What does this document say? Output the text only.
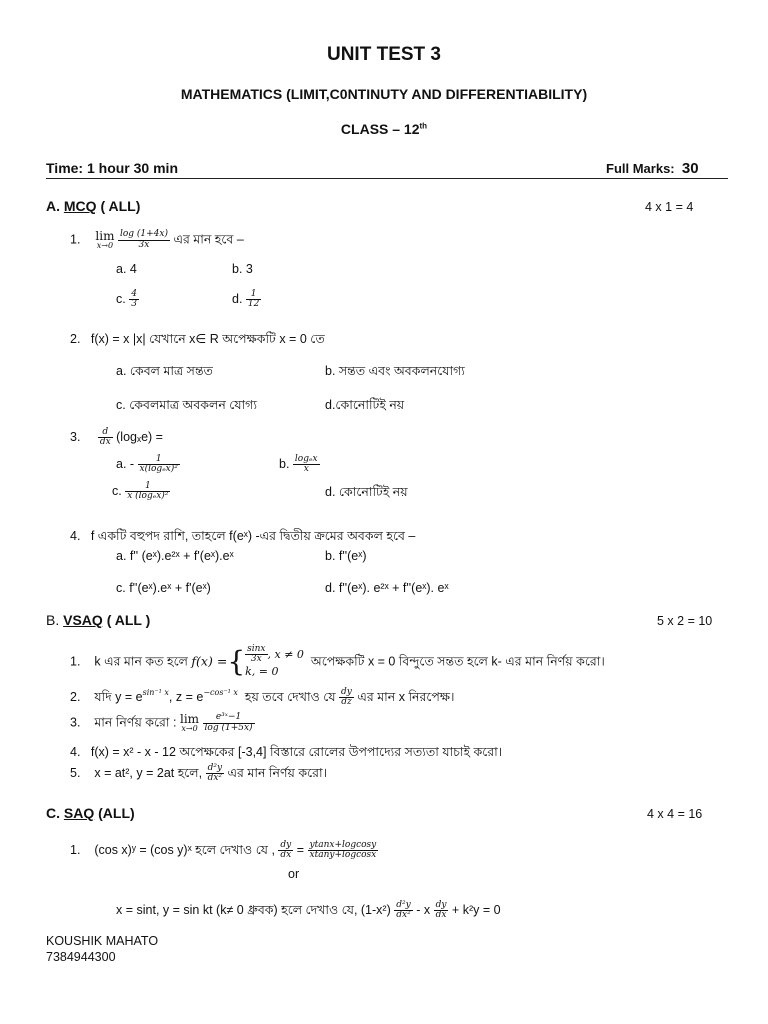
UNIT TEST 3
MATHEMATICS (LIMIT,C0NTINUTY AND DIFFERENTIABILITY)
CLASS – 12th
Time: 1 hour 30 min	Full Marks:  30
A. MCQ ( ALL)	4 x 1 = 4
1. lim
x→0
$\frac{\log (1+4x)}{3x}$ এর মান হবে –
a. 4	b. 3
c. $\frac{4}{3}$	d. $\frac{1}{12}$
2. f(x) = x |x| যেখানে x∈ R অপেক্ষকটি x = 0 তে
a. কেবল মাত্র সন্তত	b. সন্তত এবং অবকলনযোগ্য
c. কেবলমাত্র অবকলন যোগ্য	d.কোনোটিই নয়
3. $\frac{d}{dx} (\log_xe)$ =
a. - $\frac{1}{\text{x(logₑx)²}}$	b. $\frac{\text{logₑx}}{x}$
c. $\frac{1}{\text{x (logₑx)²}}$	d. কোনোটিই নয়
4. f একটি বহুপদ রাশি, তাহলে f(eˣ) -এর দ্বিতীয় ক্রমের অবকল হবে –
a. f'' (eˣ).e²ˣ + f'(eˣ).eˣ	b. f''(eˣ)
c. f''(eˣ).eˣ + f'(eˣ)	d. f''(eˣ). e²ˣ + f''(eˣ). eˣ
B. VSAQ ( ALL )	5 x 2 = 10
1. k এর মান কত হলে f(x) ={ $\frac{\sin x}{3x}$ , x ≠ 0
k, = 0
অপেক্ষকটি x = 0 বিন্দুতে সন্তত হলে k- এর মান নির্ণয় করো।
2. যদি $y = e^{sin^{-1} x}$, $z = e^{-cos^{-1} x}$ হয় তবে দেখাও যে $\frac{dy}{dz}$ এর মান x নিরপেক্ষ।
3. মান নির্ণয় করো : lim
x→0
$\frac{\text{e³ˣ−1}}{\log (1+5x)}$
4. f(x) = x² - x - 12 অপেক্ষকের [-3,4] বিস্তারে রোলের উপপাদ্যের সত্যতা যাচাই করো।
5. x = at², y = 2at হলে, $\frac{\text{d²y}}{\text{dx²}}$ এর মান নির্ণয় করো।
C. SAQ (ALL)	4 x 4 = 16
1. (cos x)ʸ = (cos y)ˣ হলে দেখাও যে , $\frac{dy}{dx} = \frac{\text{ytanx+logcosy}}{\text{xtany+logcosx}}$
or
x = sint, y = sin kt (k≠ 0 ধ্রুবক) হলে দেখাও যে, $(1-x^2) \frac{\text{d²y}}{\text{dx²}} - x \frac{dy}{dx} + k^2y = 0$
KOUSHIK MAHATO
7384944300
